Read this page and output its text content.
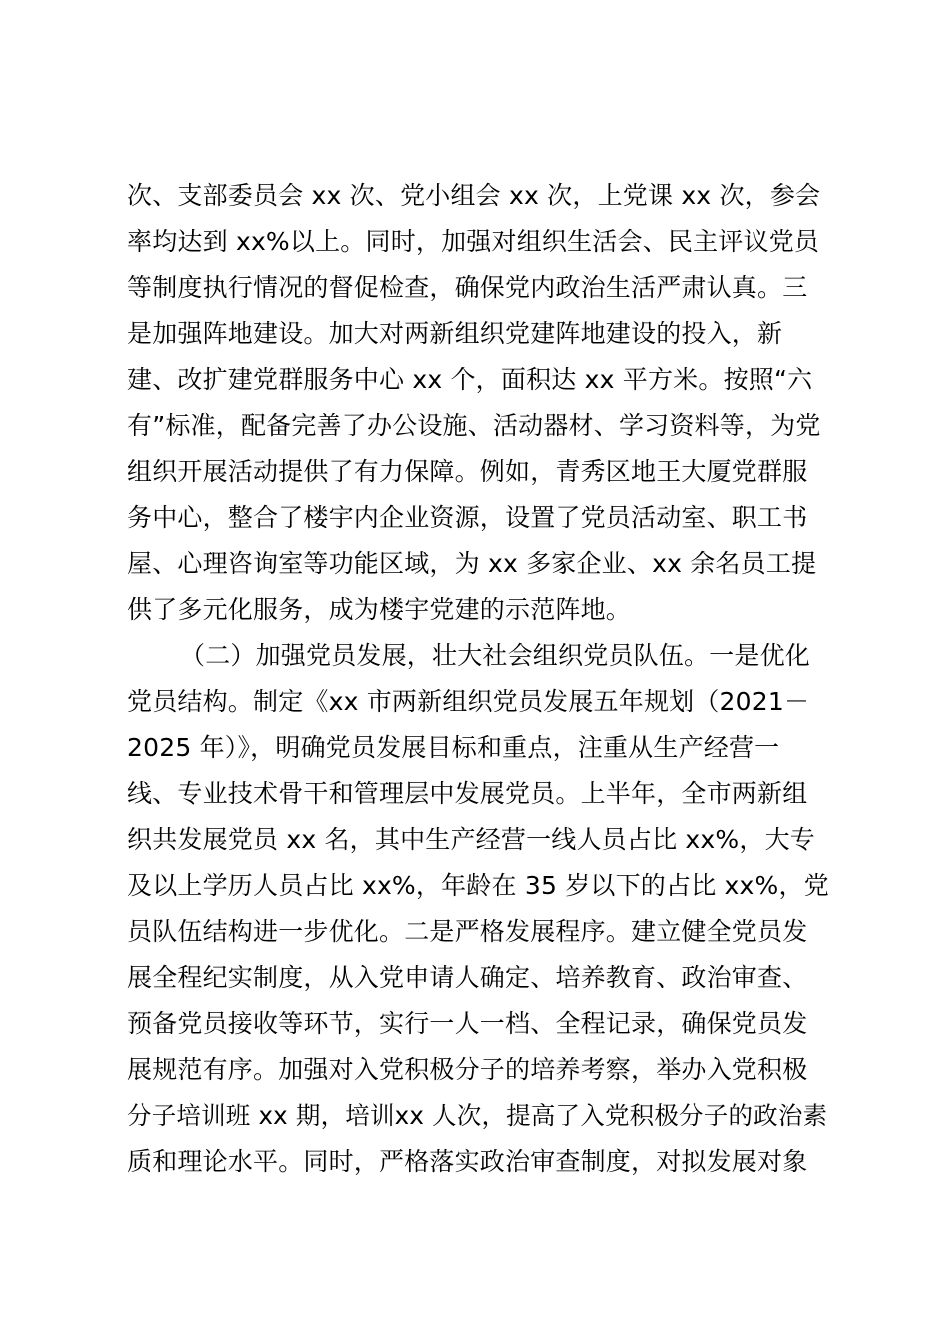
次、支部委员会 xx 次、党小组会 xx 次，上党课 xx 次，参会
率均达到 xx%以上。同时，加强对组织生活会、民主评议党员
等制度执行情况的督促检查，确保党内政治生活严肃认真。三
是加强阵地建设。加大对两新组织党建阵地建设的投入，新
建、改扩建党群服务中心 xx 个，面积达 xx 平方米。按照“六
有”标准，配备完善了办公设施、活动器材、学习资料等，为党
组织开展活动提供了有力保障。例如，青秀区地王大厦党群服
务中心，整合了楼宇内企业资源，设置了党员活动室、职工书
屋、心理咨询室等功能区域，为 xx 多家企业、xx 余名员工提
供了多元化服务，成为楼宇党建的示范阵地。
（二）加强党员发展，壮大社会组织党员队伍。一是优化
党员结构。制定《xx 市两新组织党员发展五年规划（2021－
2025 年）》，明确党员发展目标和重点，注重从生产经营一
线、专业技术骨干和管理层中发展党员。上半年，全市两新组
织共发展党员 xx 名，其中生产经营一线人员占比 xx%，大专
及以上学历人员占比 xx%，年龄在 35 岁以下的占比 xx%，党
员队伍结构进一步优化。二是严格发展程序。建立健全党员发
展全程纪实制度，从入党申请人确定、培养教育、政治审查、
预备党员接收等环节，实行一人一档、全程记录，确保党员发
展规范有序。加强对入党积极分子的培养考察，举办入党积极
分子培训班 xx 期，培训xx 人次，提高了入党积极分子的政治素
质和理论水平。同时，严格落实政治审查制度，对拟发展对象
